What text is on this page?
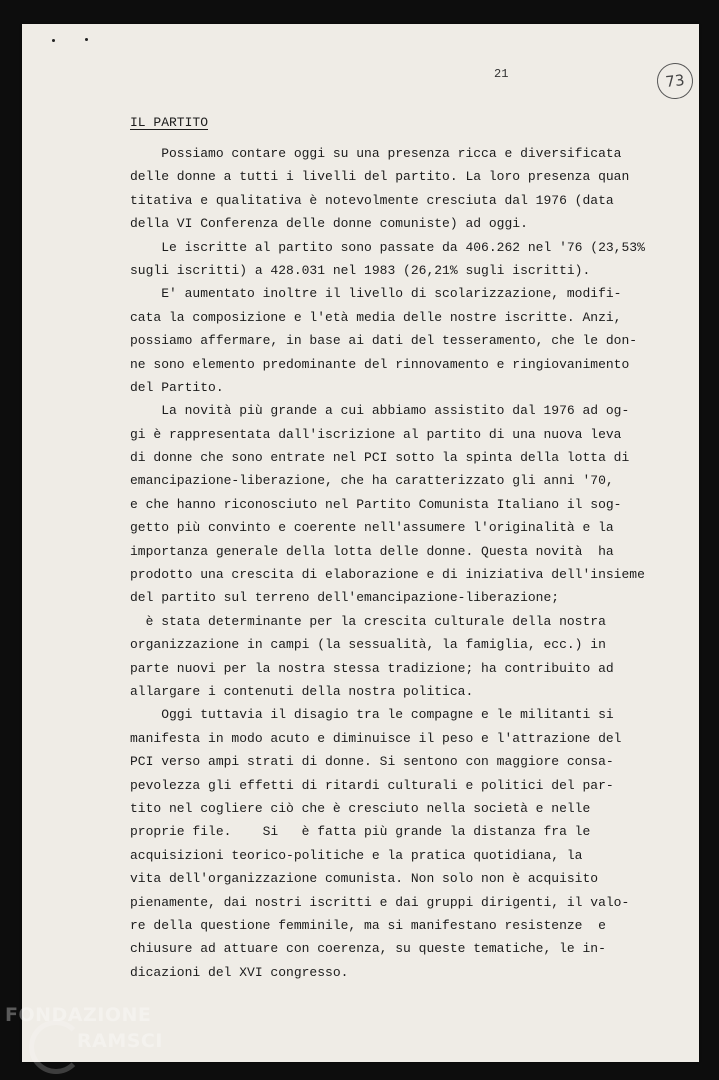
21	73
IL PARTITO
Possiamo contare oggi su una presenza ricca e diversificata
delle donne a tutti i livelli del partito. La loro presenza quan
titativa e qualitativa è notevolmente cresciuta dal 1976 (data
della VI Conferenza delle donne comuniste) ad oggi.
Le iscritte al partito sono passate da 406.262 nel '76 (23,53%
sugli iscritti) a 428.031 nel 1983 (26,21% sugli iscritti).
E' aumentato inoltre il livello di scolarizzazione, modifi-
cata la composizione e l'età media delle nostre iscritte. Anzi,
possiamo affermare, in base ai dati del tesseramento, che le don-
ne sono elemento predominante del rinnovamento e ringiovanimento
del Partito.
La novità più grande a cui abbiamo assistito dal 1976 ad og-
gi è rappresentata dall'iscrizione al partito di una nuova leva
di donne che sono entrate nel PCI sotto la spinta della lotta di
emancipazione-liberazione, che ha caratterizzato gli anni '70,
e che hanno riconosciuto nel Partito Comunista Italiano il sog-
getto più convinto e coerente nell'assumere l'originalità e la
importanza generale della lotta delle donne. Questa novità  ha
prodotto una crescita di elaborazione e di iniziativa dell'insieme
del partito sul terreno dell'emancipazione-liberazione;
è stata determinante per la crescita culturale della nostra
organizzazione in campi (la sessualità, la famiglia, ecc.) in
parte nuovi per la nostra stessa tradizione; ha contribuito ad
allargare i contenuti della nostra politica.
Oggi tuttavia il disagio tra le compagne e le militanti si
manifesta in modo acuto e diminuisce il peso e l'attrazione del
PCI verso ampi strati di donne. Si sentono con maggiore consa-
pevolezza gli effetti di ritardi culturali e politici del par-
tito nel cogliere ciò che è cresciuto nella società e nelle
proprie file.    Si   è fatta più grande la distanza fra le
acquisizioni teorico-politiche e la pratica quotidiana, la
vita dell'organizzazione comunista. Non solo non è acquisito
pienamente, dai nostri iscritti e dai gruppi dirigenti, il valo-
re della questione femminile, ma si manifestano resistenze  e
chiusure ad attuare con coerenza, su queste tematiche, le in-
dicazioni del XVI congresso.
FONDAZIONE
RAMSCI
